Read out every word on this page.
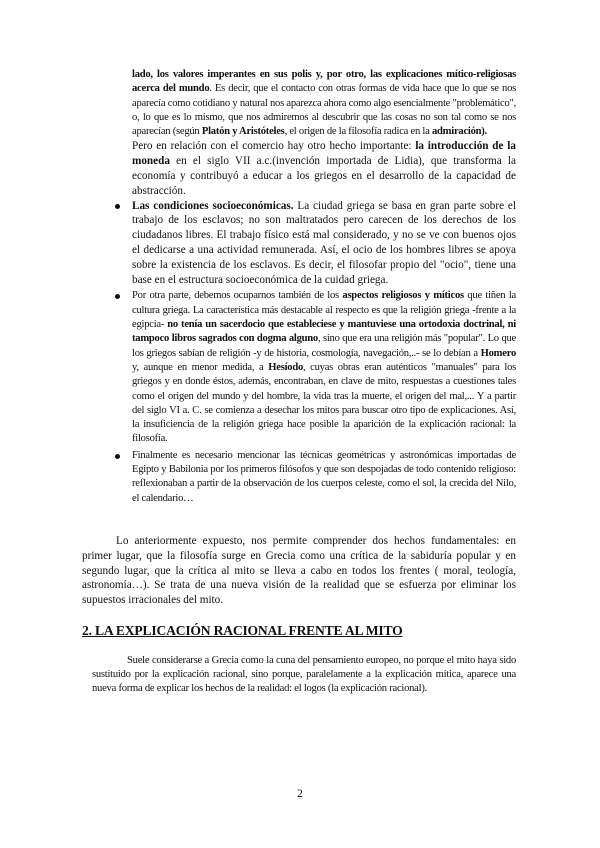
lado, los valores imperantes en sus polis y, por otro, las explicaciones mítico-religiosas acerca del mundo. Es decir, que el contacto con otras formas de vida hace que lo que se nos aparecía como cotidiano y natural nos aparezca ahora como algo esencialmente "problemático", o, lo que es lo mismo, que nos admiremos al descubrir que las cosas no son tal como se nos aparecían (según Platón y Aristóteles, el origen de la filosofía radica en la admiración).

Pero en relación con el comercio hay otro hecho importante: la introducción de la moneda en el siglo VII a.c.(invención importada de Lidia), que transforma la economía y contribuyó a educar a los griegos en el desarrollo de la capacidad de abstracción.

Las condiciones socioeconómicas. La ciudad griega se basa en gran parte sobre el trabajo de los esclavos; no son maltratados pero carecen de los derechos de los ciudadanos libres. El trabajo físico está mal considerado, y no se ve con buenos ojos el dedicarse a una actividad remunerada. Así, el ocio de los hombres libres se apoya sobre la existencia de los esclavos. Es decir, el filosofar propio del "ocio", tiene una base en el estructura socioeconómica de la cuidad griega.
Por otra parte, debemos ocuparnos también de los aspectos religiosos y míticos que tiñen la cultura griega. La característica más destacable al respecto es que la religión griega -frente a la egipcia- no tenía un sacerdocio que estableciese y mantuviese una ortodoxia doctrinal, ni tampoco libros sagrados con dogma alguno, sino que era una religión más "popular". Lo que los griegos sabían de religión -y de historia, cosmología, navegación,..- se lo debían a Homero y, aunque en menor medida, a Hesíodo, cuyas obras eran auténticos "manuales" para los griegos y en donde éstos, además, encontraban, en clave de mito, respuestas a cuestiones tales como el origen del mundo y del hombre, la vida tras la muerte, el origen del mal,... Y a partir del siglo VI a. C. se comienza a desechar los mitos para buscar otro tipo de explicaciones. Así, la insuficiencia de la religión griega hace posible la aparición de la explicación racional: la filosofía.
Finalmente es necesario mencionar las técnicas geométricas y astronómicas importadas de Egipto y Babilonia por los primeros filósofos y que son despojadas de todo contenido religioso: reflexionaban a partir de la observación de los cuerpos celeste, como el sol, la crecida del Nilo, el calendario…

Lo anteriormente expuesto, nos permite comprender dos hechos fundamentales: en primer lugar, que la filosofía surge en Grecia como una crítica de la sabiduría popular y en segundo lugar, que la crítica al mito se lleva a cabo en todos los frentes ( moral, teología, astronomía…). Se trata de una nueva visión de la realidad que se esfuerza por eliminar los supuestos irracionales del mito.

2. LA EXPLICACIÓN RACIONAL FRENTE AL MITO

Suele considerarse a Grecia como la cuna del pensamiento europeo, no porque el mito haya sido sustituido por la explicación racional, sino porque, paralelamente a la explicación mítica, aparece una nueva forma de explicar los hechos de la realidad: el logos (la explicación racional).

2
